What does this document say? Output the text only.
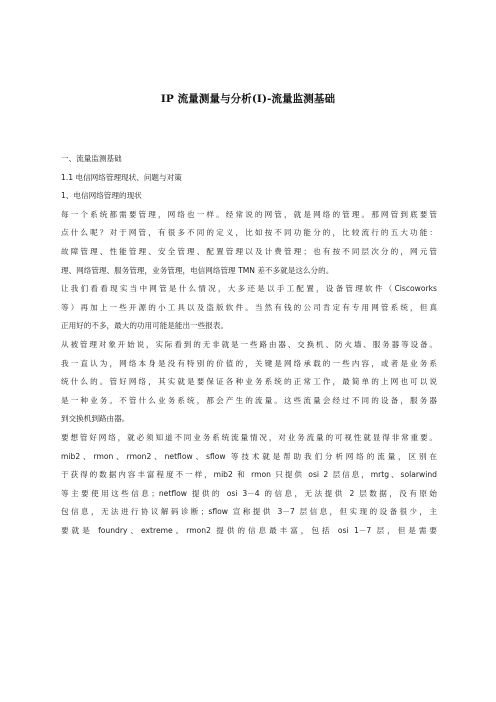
IP 流量测量与分析(I)-流量监测基础
一、流量监测基础
1.1 电信网络管理现状、问题与对策
1、电信网络管理的现状
每一个系统都需要管理，网络也一样。经常说的网管，就是网络的管理。那网管到底要管
点什么呢？对于网管，有很多不同的定义，比如按不同功能分的，比较流行的五大功能：
故障管理、性能管理、安全管理、配置管理以及计费管理；也有按不同层次分的，网元管
理、网络管理、服务管理，业务管理，电信网络管理 TMN 差不多就是这么分的。
让我们看看现实当中网管是什么情况，大多还是以手工配置，设备管理软件（Ciscoworks
等）再加上一些开源的小工具以及盗版软件。当然有钱的公司肯定有专用网管系统，但真
正用好的不多，最大的功用可能是能出一些报表。
从被管理对象开始说，实际看到的无非就是一些路由器、交换机、防火墙、服务器等设备。
我一直认为，网络本身是没有特别的价值的，关键是网络承载的一些内容，或者是业务系
统什么的。管好网络，其实就是要保证各种业务系统的正常工作，最简单的上网也可以说
是一种业务。不管什么业务系统，都会产生的流量。这些流量会经过不同的设备，服务器
到交换机到路由器。
要想管好网络，就必须知道不同业务系统流量情况，对业务流量的可视性就显得非常重要。
mib2、rmon、rmon2、netflow、sflow 等技术就是帮助我们分析网络的流量，区别在
于获得的数据内容丰富程度不一样，mib2 和 rmon 只提供 osi 2 层信息，mrtg、solarwind
等主要使用这些信息；netflow 提供的 osi 3－4 的信息，无法提供 2 层数据，没有原始
包信息，无法进行协议解码诊断；sflow 宣称提供 3－7 层信息，但实现的设备很少，主
要就是 foundry、extreme。rmon2 提供的信息最丰富，包括 osi 1－7 层，但是需要
